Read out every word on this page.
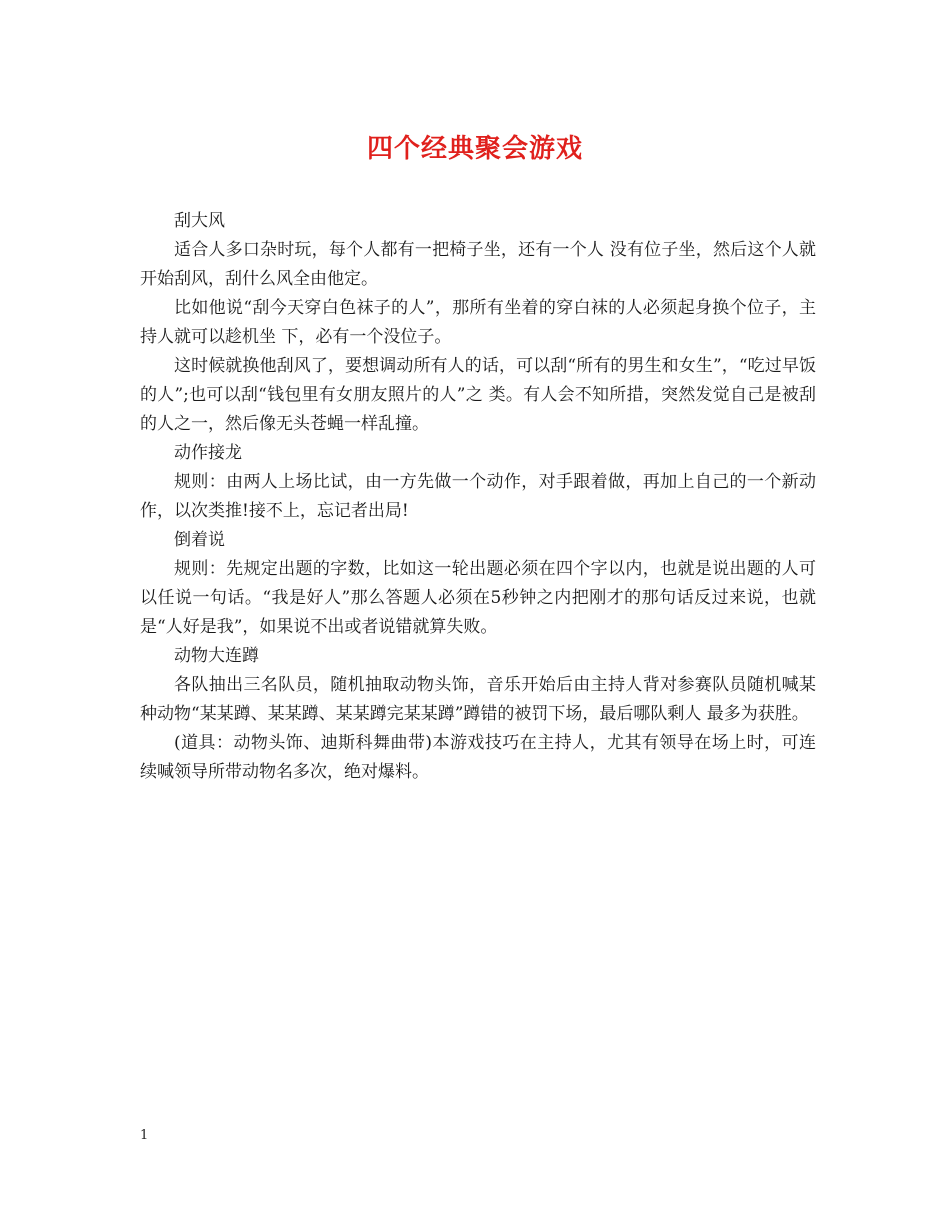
四个经典聚会游戏

刮大风

适合人多口杂时玩，每个人都有一把椅子坐，还有一个人 没有位子坐，然后这个人就开始刮风，刮什么风全由他定。

比如他说“刮今天穿白色袜子的人”，那所有坐着的穿白袜的人必须起身换个位子，主持人就可以趁机坐 下，必有一个没位子。

这时候就换他刮风了，要想调动所有人的话，可以刮“所有的男生和女生”，“吃过早饭的人”;也可以刮“钱包里有女朋友照片的人”之 类。有人会不知所措，突然发觉自己是被刮的人之一，然后像无头苍蝇一样乱撞。

动作接龙

规则：由两人上场比试，由一方先做一个动作，对手跟着做，再加上自己的一个新动作，以次类推!接不上，忘记者出局!

倒着说

规则：先规定出题的字数，比如这一轮出题必须在四个字以内，也就是说出题的人可以任说一句话。“我是好人”那么答题人必须在5秒钟之内把刚才的那句话反过来说，也就是“人好是我”，如果说不出或者说错就算失败。

动物大连蹲

各队抽出三名队员，随机抽取动物头饰，音乐开始后由主持人背对参赛队员随机喊某种动物“某某蹲、某某蹲、某某蹲完某某蹲”蹲错的被罚下场，最后哪队剩人 最多为获胜。

(道具：动物头饰、迪斯科舞曲带)本游戏技巧在主持人，尤其有领导在场上时，可连续喊领导所带动物名多次，绝对爆料。

1
